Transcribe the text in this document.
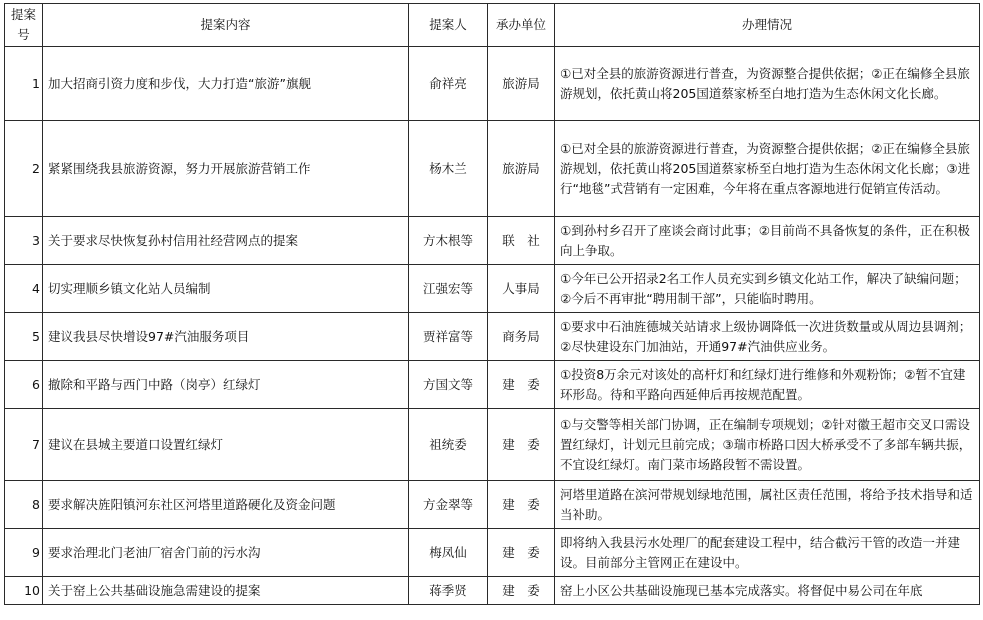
提案号	提案内容	提案人	承办单位	办理情况
1	加大招商引资力度和步伐，大力打造“旅游”旗舰	俞祥亮	旅游局	①已对全县的旅游资源进行普查，为资源整合提供依据；②正在编修全县旅游规划，依托黄山将205国道蔡家桥至白地打造为生态休闲文化长廊。
2	紧紧围绕我县旅游资源，努力开展旅游营销工作	杨木兰	旅游局	①已对全县的旅游资源进行普查，为资源整合提供依据；②正在编修全县旅游规划，依托黄山将205国道蔡家桥至白地打造为生态休闲文化长廊；③进行“地毯”式营销有一定困难，今年将在重点客源地进行促销宣传活动。
3	关于要求尽快恢复孙村信用社经营网点的提案	方木根等	联　社	①到孙村乡召开了座谈会商讨此事；②目前尚不具备恢复的条件，正在积极向上争取。
4	切实理顺乡镇文化站人员编制	江强宏等	人事局	①今年已公开招录2名工作人员充实到乡镇文化站工作，解决了缺编问题；②今后不再审批“聘用制干部”，只能临时聘用。
5	建议我县尽快增设97#汽油服务项目	贾祥富等	商务局	①要求中石油旌德城关站请求上级协调降低一次进货数量或从周边县调剂；②尽快建设东门加油站，开通97#汽油供应业务。
6	撤除和平路与西门中路（岗亭）红绿灯	方国文等	建　委	①投资8万余元对该处的高杆灯和红绿灯进行维修和外观粉饰；②暂不宜建环形岛。待和平路向西延伸后再按规范配置。
7	建议在县城主要道口设置红绿灯	祖统委	建　委	①与交警等相关部门协调，正在编制专项规划；②针对徽王超市交叉口需设置红绿灯，计划元旦前完成；③瑞市桥路口因大桥承受不了多部车辆共振，不宜设红绿灯。南门菜市场路段暂不需设置。
8	要求解决旌阳镇河东社区河塔里道路硬化及资金问题	方金翠等	建　委	河塔里道路在滨河带规划绿地范围，属社区责任范围，将给予技术指导和适当补助。
9	要求治理北门老油厂宿舍门前的污水沟	梅凤仙	建　委	即将纳入我县污水处理厂的配套建设工程中，结合截污干管的改造一并建设。目前部分主管网正在建设中。
10	关于窑上公共基础设施急需建设的提案	蒋季贤	建　委	窑上小区公共基础设施现已基本完成落实。将督促中易公司在年底
